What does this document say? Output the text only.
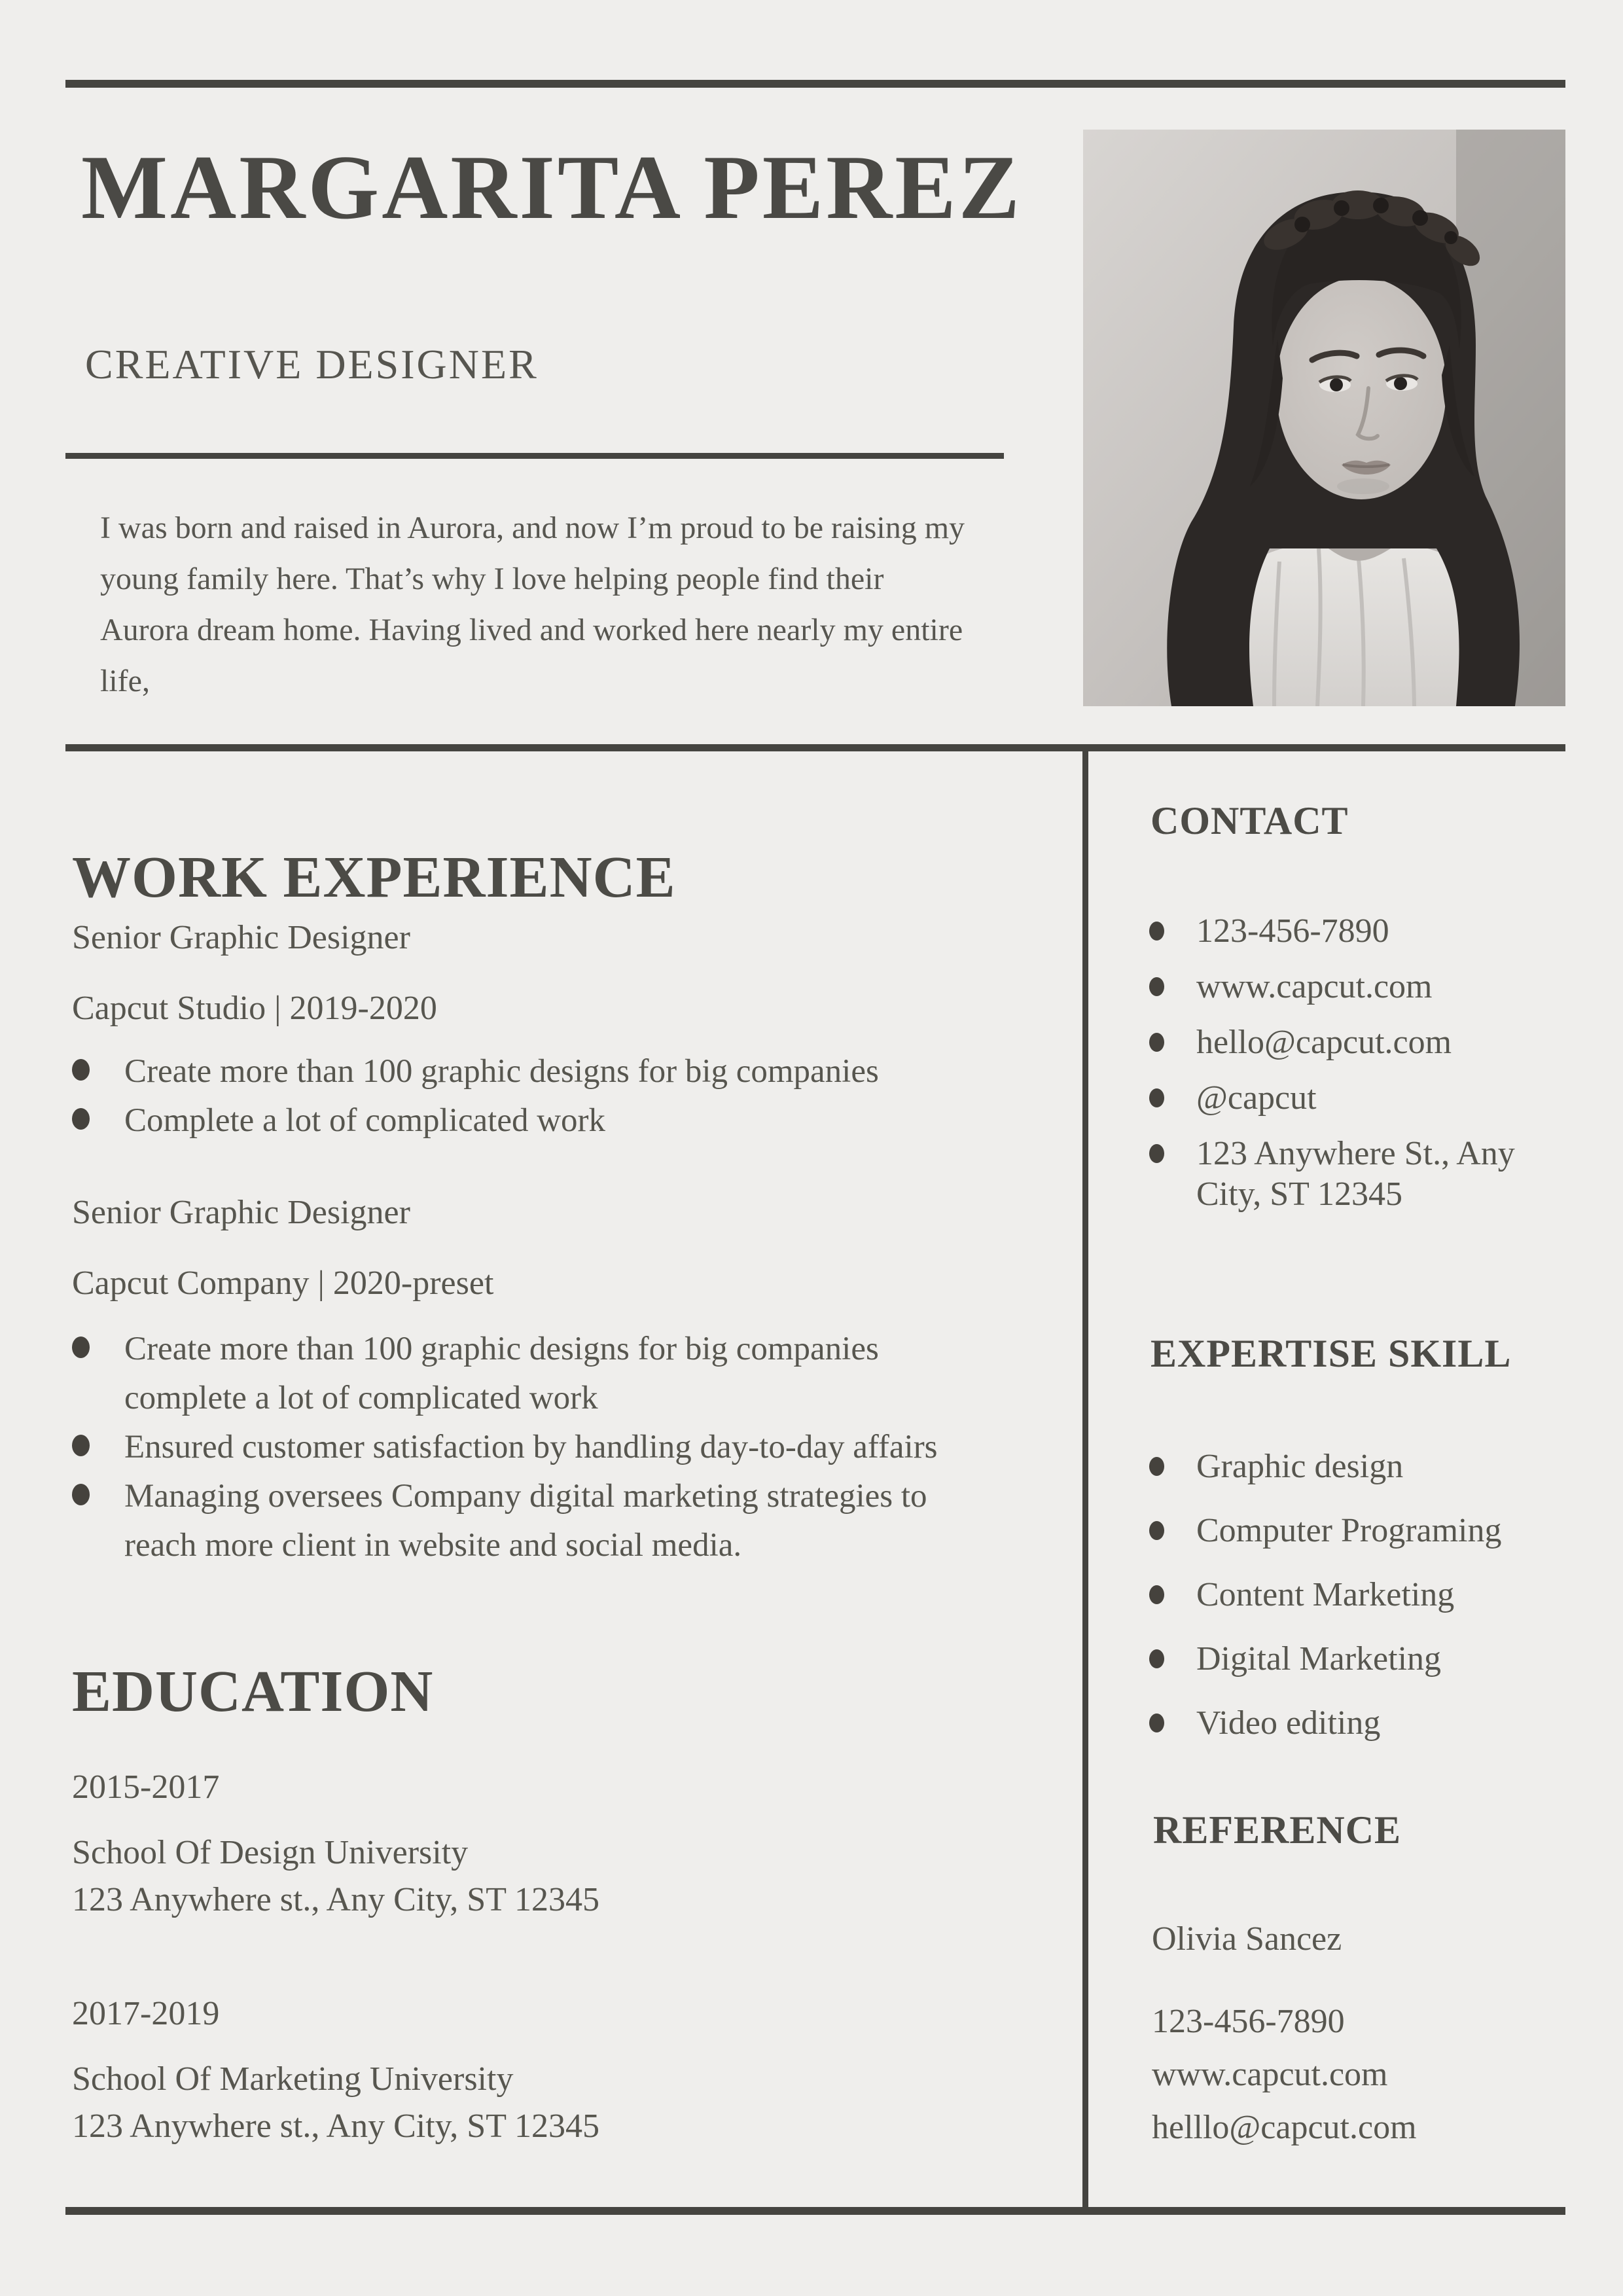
MARGARITA PEREZ
CREATIVE DESIGNER
I was born and raised in Aurora, and now I’m proud to be raising my young family here. That’s why I love helping people find their Aurora dream home. Having lived and worked here nearly my entire life,
WORK EXPERIENCE
Senior Graphic Designer
Capcut Studio | 2019-2020
Create more than 100 graphic designs for big companies
Complete a lot of complicated work
Senior Graphic Designer
Capcut Company | 2020-preset
Create more than 100 graphic designs for big companies complete a lot of complicated work
Ensured customer satisfaction by handling day-to-day affairs
Managing oversees Company digital marketing strategies to reach more client in website and social media.
EDUCATION
2015-2017
School Of Design University
123 Anywhere st., Any City, ST 12345
2017-2019
School Of Marketing University
123 Anywhere st., Any City, ST 12345
CONTACT
123-456-7890
www.capcut.com
hello@capcut.com
@capcut
123 Anywhere St., Any City, ST 12345
EXPERTISE SKILL
Graphic design
Computer Programing
Content Marketing
Digital Marketing
Video editing
REFERENCE
Olivia Sancez
123-456-7890
www.capcut.com
helllo@capcut.com
